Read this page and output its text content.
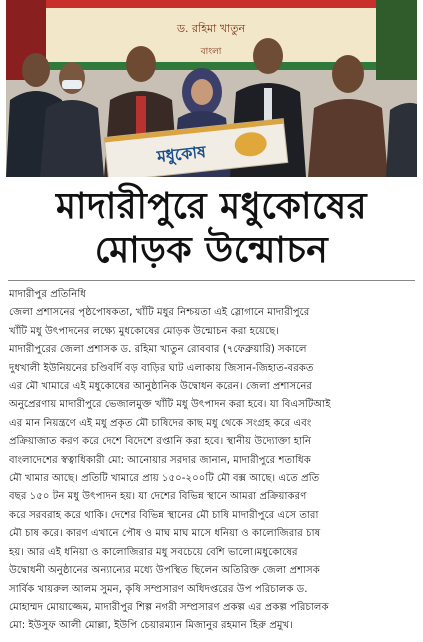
ড. রহিমা খাতুন
বাংলা
মধুকোষ
মাদারীপুরে মধুকোষের
মোড়ক উন্মোচন
মাদারীপুর প্রতিনিধি
জেলা প্রশাসনের পৃষ্ঠপোষকতা, খাঁটি মধুর নিশ্চয়তা এই স্লোগানে মাদারীপুরে
খাঁটি মধু উৎপাদনের লক্ষ্যে মুধকোষের মোড়ক উন্মোচন করা হয়েছে।
মাদারীপুরের জেলা প্রশাসক ড. রহিমা খাতুন রোববার (৭ফেব্রুয়ারি) সকালে
দুধখালী ইউনিয়নের চণ্ডিবর্দি বড় বাড়ির ঘাট এলাকায় জিসান-জিহাত-বরকত
এর মৌ খামারে এই মধুকোষের আনুষ্ঠানিক উদ্বোধন করেন। জেলা প্রশাসনের
অনুপ্রেরণায় মাদারীপুরে ভেজালমুক্ত খাঁটি মধু উৎপাদন করা হবে। যা বিএসটিআই
এর মান নিয়ন্ত্রণে এই মধু প্রকৃত মৌ চাষিদের কাছ মধু থেকে সংগ্রহ করে এবং
প্রক্রিয়াজাত করণ করে দেশে বিদেশে রপ্তানি করা হবে। স্থানীয় উদ্যোক্তা হানি
বাংলাদেশের স্বত্বাধিকারী মো: আনোয়ার সরদার জানান, মাদারীপুরে শতাধিক
মৌ খামার আছে। প্রতিটি খামারে প্রায় ১৫০-২০০টি মৌ বক্স আছে। এতে প্রতি
বছর ১৫০ টন মধু উৎপাদন হয়। যা দেশের বিভিন্ন স্থানে আমরা প্রক্রিয়াকরণ
করে সরবরাহ করে থাকি। দেশের বিভিন্ন স্থানের মৌ চাষি মাদারীপুরে এসে তারা
মৌ চাষ করে। কারণ এখানে পৌষ ও মাঘ মাঘ মাসে ধনিয়া ও কালোজিরার চাষ
হয়। আর এই ধনিয়া ও কালোজিরার মধু সবচেয়ে বেশি ভালো।মধুকোষের
উদ্বোধনী অনুষ্ঠানের অন্যান্যের মধ্যে উপস্থিত ছিলেন অতিরিক্ত জেলা প্রশাসক
সার্বিক খায়রুল আলম সুমন, কৃষি সম্প্রসারণ অধিদপ্তরের উপ পরিচালক ড.
মোহাম্মদ মোয়াজ্জেম, মাদারীপুর শিল্প নগরী সম্প্রসারণ প্রকল্প এর প্রকল্প পরিচালক
মো: ইউসুফ আলী মোল্লা, ইউপি চেয়ারম্যান মিজানুর রহমান হিরু প্রমুখ।
